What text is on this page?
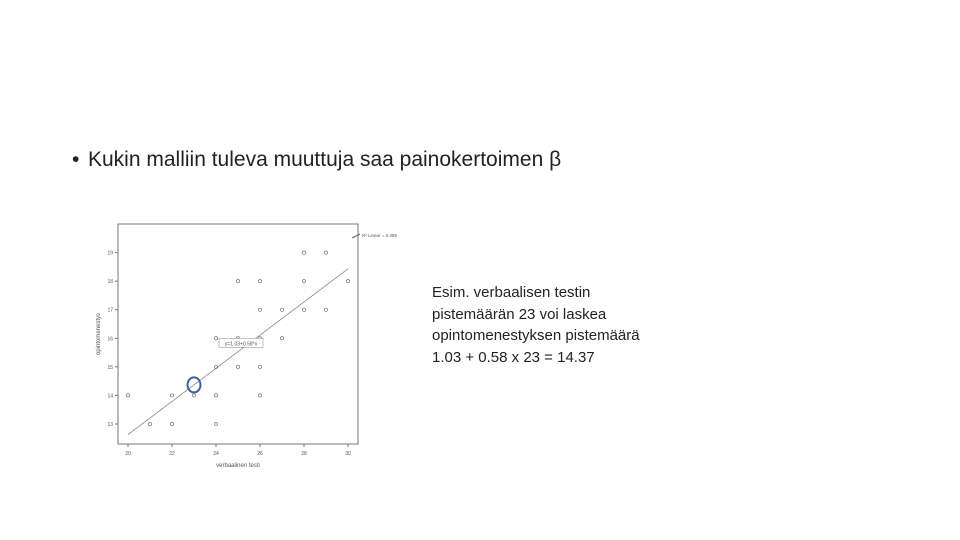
• Kukin malliin tuleva muuttuja saa painokertoimen β
13
14
15
16
17
18
19
20	22	24	26	28	30
verbaalinen testi
opintomenestys	y=1.03+0.58*x
R² Linear = 0.359
Esim. verbaalisen testin
pistemäärän 23 voi laskea
opintomenestyksen pistemäärä
1.03 + 0.58 x 23 = 14.37
